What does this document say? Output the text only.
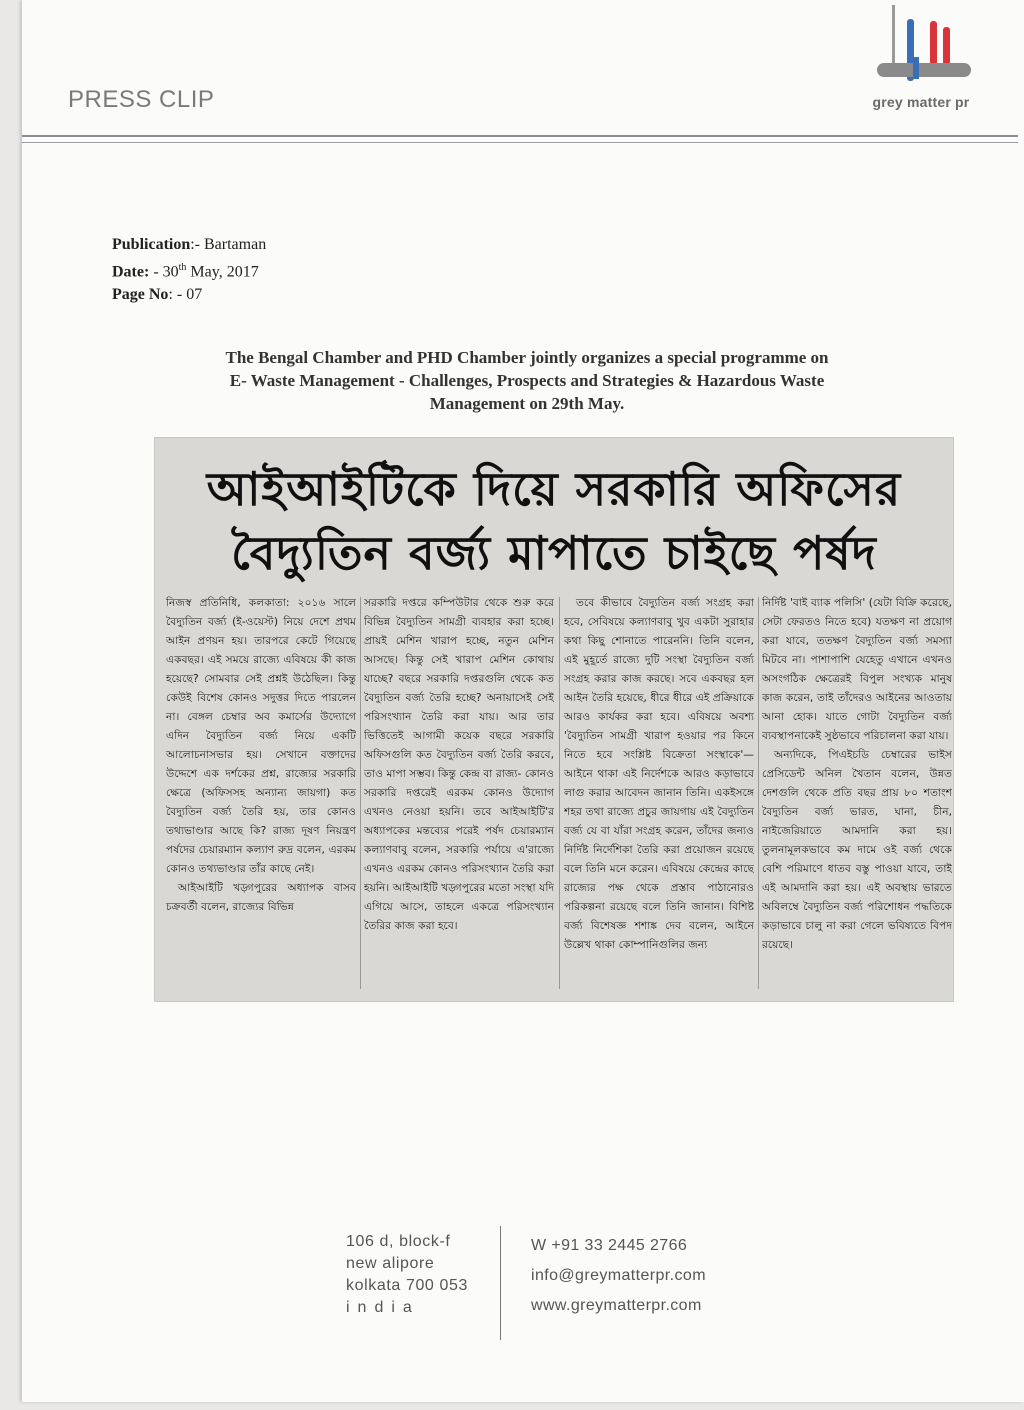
PRESS CLIP	grey matter pr
Publication:- Bartaman
Date: - 30th May, 2017
Page No: - 07
The Bengal Chamber and PHD Chamber jointly organizes a special programme on
E- Waste Management - Challenges, Prospects and Strategies & Hazardous Waste
Management on 29th May.
আইআইটিকে দিয়ে সরকারি অফিসের
বৈদ্যুতিন বর্জ্য মাপাতে চাইছে পর্ষদ

নিজস্ব প্রতিনিধি, কলকাতা: ২০১৬ সালে বৈদ্যুতিন বর্জ্য (ই-ওয়েস্ট) নিয়ে দেশে প্রথম আইন প্রণয়ন হয়। তারপরে কেটে গিয়েছে একবছর। এই সময়ে রাজ্যে এবিষয়ে কী কাজ হয়েছে? সোমবার সেই প্রশ্নই উঠেছিল। কিন্তু কেউই বিশেষ কোনও সদুত্তর দিতে পারলেন না। বেঙ্গল চেম্বার অব কমার্সের উদ্যোগে এদিন বৈদ্যুতিন বর্জ্য নিয়ে একটি আলোচনাসভার হয়। সেখানে বক্তাদের উদ্দেশে এক দর্শকের প্রশ্ন, রাজ্যের সরকারি ক্ষেত্রে (অফিসসহ অন্যান্য জায়গা) কত বৈদ্যুতিন বর্জ্য তৈরি হয়, তার কোনও তথ্যভাণ্ডার আছে কি? রাজ্য দূষণ নিয়ন্ত্রণ পর্ষদের চেয়ারম্যান কল্যাণ রুদ্র বলেন, এরকম কোনও তথ্যভাণ্ডার তাঁর কাছে নেই।

আইআইটি খড়্গপুরের অধ্যাপক বাসব চক্রবর্তী বলেন, রাজ্যের বিভিন্ন

সরকারি দপ্তরে কম্পিউটার থেকে শুরু করে বিভিন্ন বৈদ্যুতিন সামগ্রী ব্যবহার করা হচ্ছে। প্রায়ই মেশিন খারাপ হচ্ছে, নতুন মেশিন আসছে। কিন্তু সেই খারাপ মেশিন কোথায় যাচ্ছে? বছরে সরকারি দপ্তরগুলি থেকে কত বৈদ্যুতিন বর্জ্য তৈরি হচ্ছে? অনায়াসেই সেই পরিসংখ্যান তৈরি করা যায়। আর তার ভিত্তিতেই আগামী কয়েক বছরে সরকারি অফিসগুলি কত বৈদ্যুতিন বর্জ্য তৈরি করবে, তাও মাপা সম্ভব। কিন্তু কেন্দ্র বা রাজ্য- কোনও সরকারি দপ্তরেই এরকম কোনও উদ্যোগ এখনও নেওয়া হয়নি। তবে আইআইটি'র অধ্যাপকের মন্তব্যের পরেই পর্ষদ চেয়ারম্যান কল্যাণবাবু বলেন, সরকারি পর্যায়ে এ'রাজ্যে এখনও এরকম কোনও পরিসংখ্যান তৈরি করা হয়নি। আইআইটি খড়্গপুরের মতো সংস্থা যদি এগিয়ে আসে, তাহলে একত্রে পরিসংখ্যান তৈরির কাজ করা হবে।

তবে কীভাবে বৈদ্যুতিন বর্জ্য সংগ্রহ করা হবে, সেবিষয়ে কল্যাণবাবু খুব একটা সুরাহার কথা কিছু শোনাতে পারেননি। তিনি বলেন, এই মুহূর্তে রাজ্যে দুটি সংস্থা বৈদ্যুতিন বর্জ্য সংগ্রহ করার কাজ করছে। সবে একবছর হল আইন তৈরি হয়েছে, ধীরে ধীরে এই প্রক্রিয়াকে আরও কার্যকর করা হবে। এবিষয়ে অবশ্য 'বৈদ্যুতিন সামগ্রী খারাপ হওয়ার পর কিনে নিতে হবে সংশ্লিষ্ট বিক্রেতা সংস্থাকে'— আইনে থাকা এই নির্দেশকে আরও কড়াভাবে লাগু করার আবেদন জানান তিনি। একইসঙ্গে শহর তথা রাজ্যে প্রচুর জায়গায় এই বৈদ্যুতিন বর্জ্য যে বা যাঁরা সংগ্রহ করেন, তাঁদের জন্যও নির্দিষ্ট নির্দেশিকা তৈরি করা প্রয়োজন রয়েছে বলে তিনি মনে করেন। এবিষয়ে কেন্দ্রের কাছে রাজ্যের পক্ষ থেকে প্রস্তাব পাঠানোরও পরিকল্পনা রয়েছে বলে তিনি জানান। বিশিষ্ট বর্জ্য বিশেষজ্ঞ শশাঙ্ক দেব বলেন, আইনে উল্লেখ থাকা কোম্পানিগুলির জন্য

নির্দিষ্ট 'বাই ব্যাক পলিসি' (যেটা বিক্রি করেছে, সেটা ফেরতও নিতে হবে) যতক্ষণ না প্রয়োগ করা যাবে, ততক্ষণ বৈদ্যুতিন বর্জ্য সমস্যা মিটবে না। পাশাপাশি যেহেতু এখানে এখনও অসংগঠিক ক্ষেত্রেরই বিপুল সংখ্যক মানুষ কাজ করেন, তাই তাঁদেরও আইনের আওতায় আনা হোক। যাতে গোটা বৈদ্যুতিন বর্জ্য ব্যবস্থাপনাকেই সুষ্ঠভাবে পরিচালনা করা যায়।

অন্যদিকে, পিএইচডি চেম্বারের ভাইস প্রেসিডেন্ট অনিল খৈতান বলেন, উন্নত দেশগুলি থেকে প্রতি বছর প্রায় ৮০ শতাংশ বৈদ্যুতিন বর্জ্য ভারত, ঘানা, চীন, নাইজেরিয়াতে আমদানি করা হয়। তুলনামূলকভাবে কম দামে ওই বর্জ্য থেকে বেশি পরিমাণে ধাতব বস্তু পাওয়া যাবে, তাই এই আমদানি করা হয়। এই অবস্থায় ভারতে অবিলম্বে বৈদ্যুতিন বর্জ্য পরিশোধন পদ্ধতিকে কড়াভাবে চালু না করা গেলে ভবিষ্যতে বিপদ রয়েছে।

106 d, block-f
new alipore
kolkata 700 053
india
W +91 33 2445 2766
info@greymatterpr.com
www.greymatterpr.com
